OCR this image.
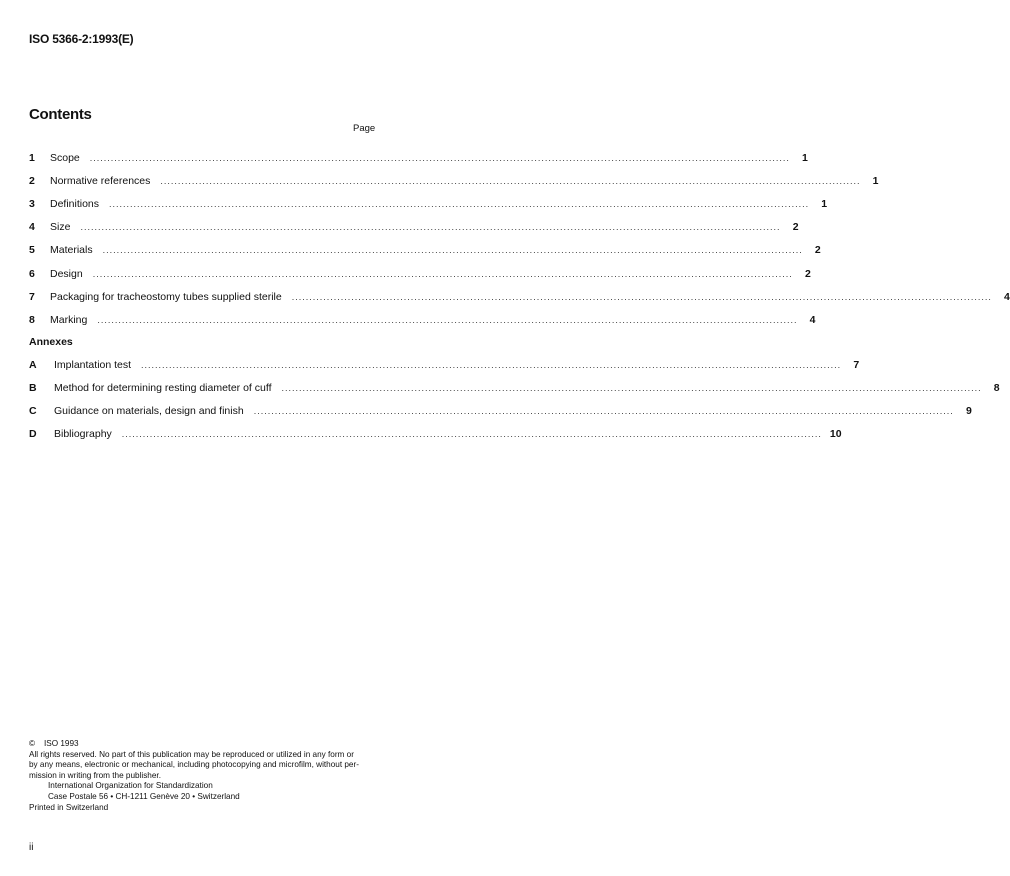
ISO 5366-2:1993(E)
Contents
Page
1	Scope ........................................................................................................................................................................................................	1
2	Normative references ........................................................................................................................................................................................................	1
3	Definitions ........................................................................................................................................................................................................	1
4	Size ........................................................................................................................................................................................................	2
5	Materials ........................................................................................................................................................................................................	2
6	Design ........................................................................................................................................................................................................	2
7	Packaging for tracheostomy tubes supplied sterile ........................................................................................................................................................................................................	4
8	Marking ........................................................................................................................................................................................................	4
Annexes
A	Implantation test ........................................................................................................................................................................................................	7
B	Method for determining resting diameter of cuff ........................................................................................................................................................................................................	8
C	Guidance on materials, design and finish ........................................................................................................................................................................................................	9
D	Bibliography ........................................................................................................................................................................................................ 10
© ISO 1993
All rights reserved. No part of this publication may be reproduced or utilized in any form or
by any means, electronic or mechanical, including photocopying and microfilm, without per-
mission in writing from the publisher.
International Organization for Standardization
Case Postale 56 • CH-1211 Genève 20 • Switzerland
Printed in Switzerland
ii
